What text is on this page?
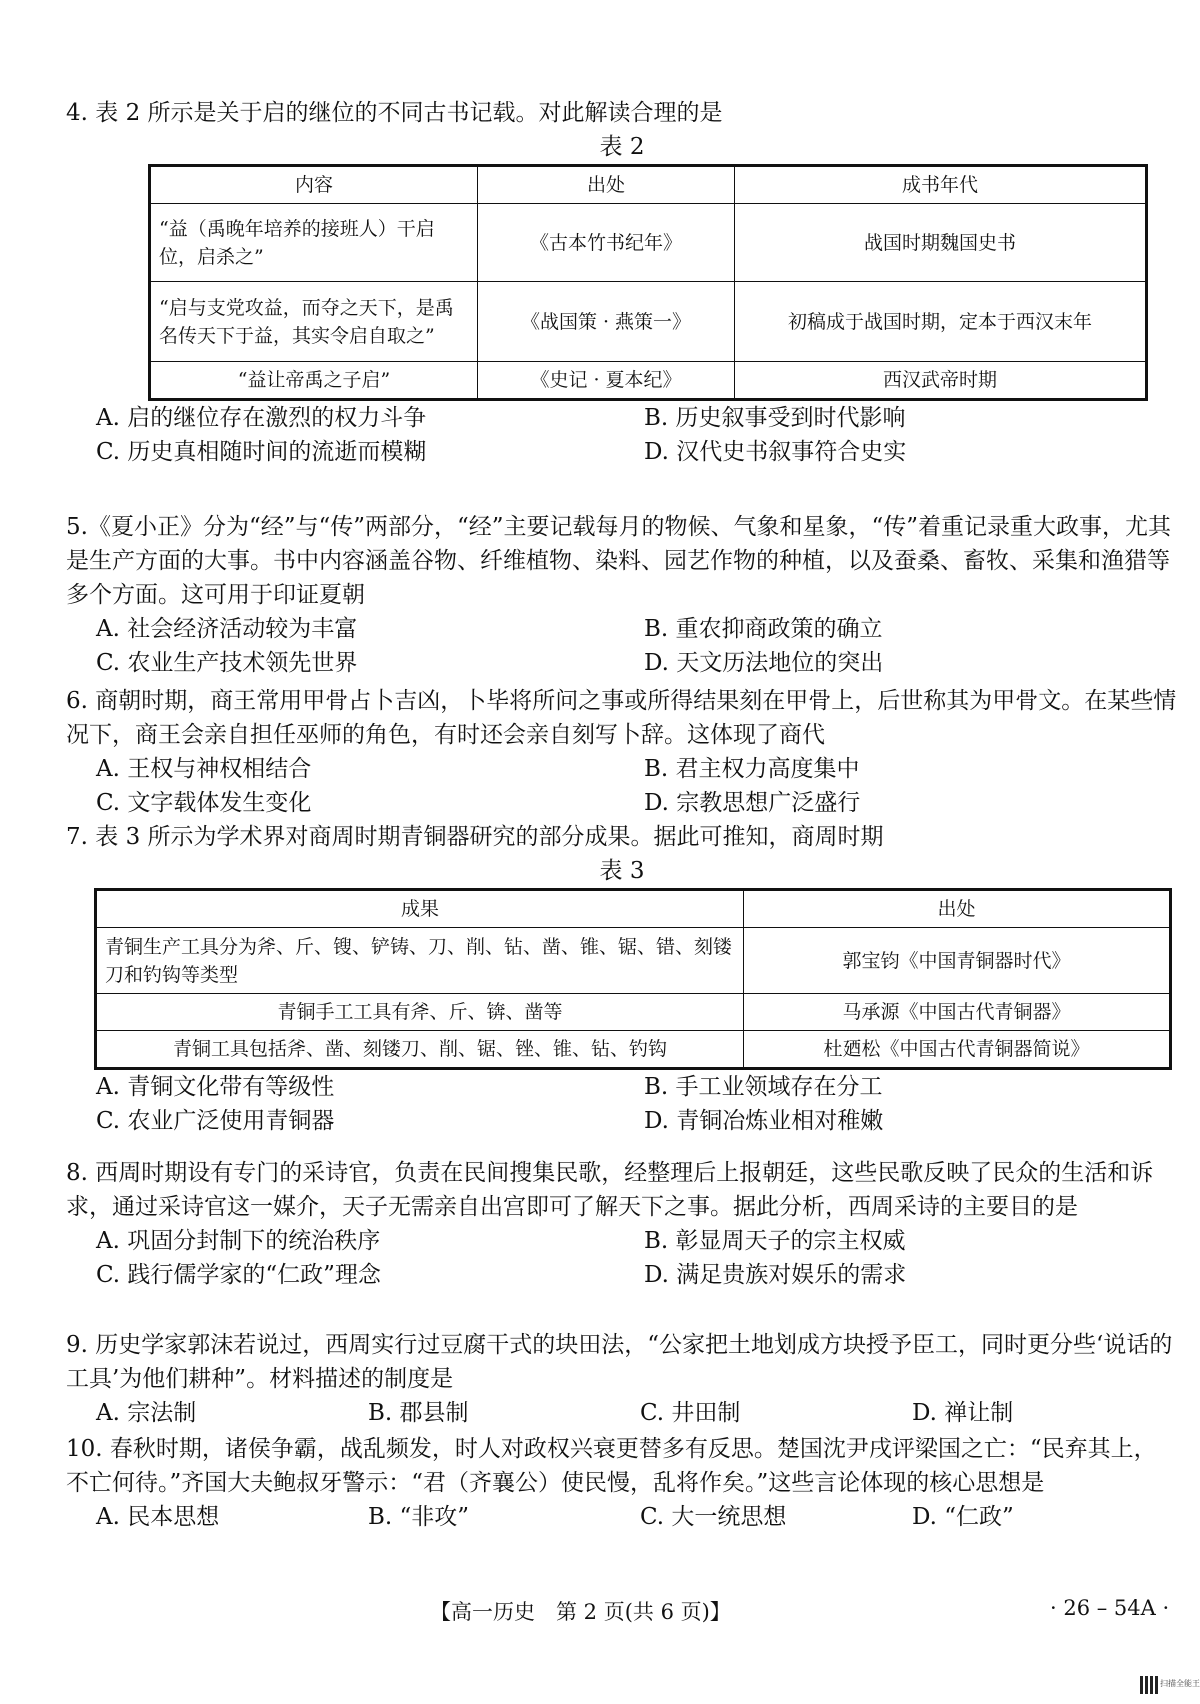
4. 表 2 所示是关于启的继位的不同古书记载。对此解读合理的是

表 2

内容	出处	成书年代
“益（禹晚年培养的接班人）干启位，启杀之”	《古本竹书纪年》	战国时期魏国史书
“启与支党攻益，而夺之天下，是禹名传天下于益，其实令启自取之”	《战国策 · 燕策一》	初稿成于战国时期，定本于西汉末年
“益让帝禹之子启”	《史记 · 夏本纪》	西汉武帝时期
A. 启的继位存在激烈的权力斗争	B. 历史叙事受到时代影响
C. 历史真相随时间的流逝而模糊	D. 汉代史书叙事符合史实

5.《夏小正》分为“经”与“传”两部分，“经”主要记载每月的物候、气象和星象，“传”着重记录重大政事，尤其是生产方面的大事。书中内容涵盖谷物、纤维植物、染料、园艺作物的种植，以及蚕桑、畜牧、采集和渔猎等多个方面。这可用于印证夏朝

A. 社会经济活动较为丰富	B. 重农抑商政策的确立
C. 农业生产技术领先世界	D. 天文历法地位的突出

6. 商朝时期，商王常用甲骨占卜吉凶，卜毕将所问之事或所得结果刻在甲骨上，后世称其为甲骨文。在某些情况下，商王会亲自担任巫师的角色，有时还会亲自刻写卜辞。这体现了商代

A. 王权与神权相结合	B. 君主权力高度集中
C. 文字载体发生变化	D. 宗教思想广泛盛行

7. 表 3 所示为学术界对商周时期青铜器研究的部分成果。据此可推知，商周时期

表 3

成果	出处
青铜生产工具分为斧、斤、锼、铲铸、刀、削、钻、凿、锥、锯、错、刻镂刀和钓钩等类型	郭宝钧《中国青铜器时代》
青铜手工工具有斧、斤、锛、凿等	马承源《中国古代青铜器》
青铜工具包括斧、凿、刻镂刀、削、锯、锉、锥、钻、钓钩	杜廼松《中国古代青铜器简说》
A. 青铜文化带有等级性	B. 手工业领域存在分工
C. 农业广泛使用青铜器	D. 青铜冶炼业相对稚嫩

8. 西周时期设有专门的采诗官，负责在民间搜集民歌，经整理后上报朝廷，这些民歌反映了民众的生活和诉求，通过采诗官这一媒介，天子无需亲自出宫即可了解天下之事。据此分析，西周采诗的主要目的是

A. 巩固分封制下的统治秩序	B. 彰显周天子的宗主权威
C. 践行儒学家的“仁政”理念	D. 满足贵族对娱乐的需求

9. 历史学家郭沫若说过，西周实行过豆腐干式的块田法，“公家把土地划成方块授予臣工，同时更分些‘说话的工具’为他们耕种”。材料描述的制度是

A. 宗法制	B. 郡县制	C. 井田制	D. 禅让制

10. 春秋时期，诸侯争霸，战乱频发，时人对政权兴衰更替多有反思。楚国沈尹戌评梁国之亡：“民弃其上，不亡何待。”齐国大夫鲍叔牙警示：“君（齐襄公）使民慢，乱将作矣。”这些言论体现的核心思想是

A. 民本思想	B. “非攻”	C. 大一统思想	D. “仁政”
【高一历史　第 2 页(共 6 页)】	· 26 – 54A ·
扫描全能王
